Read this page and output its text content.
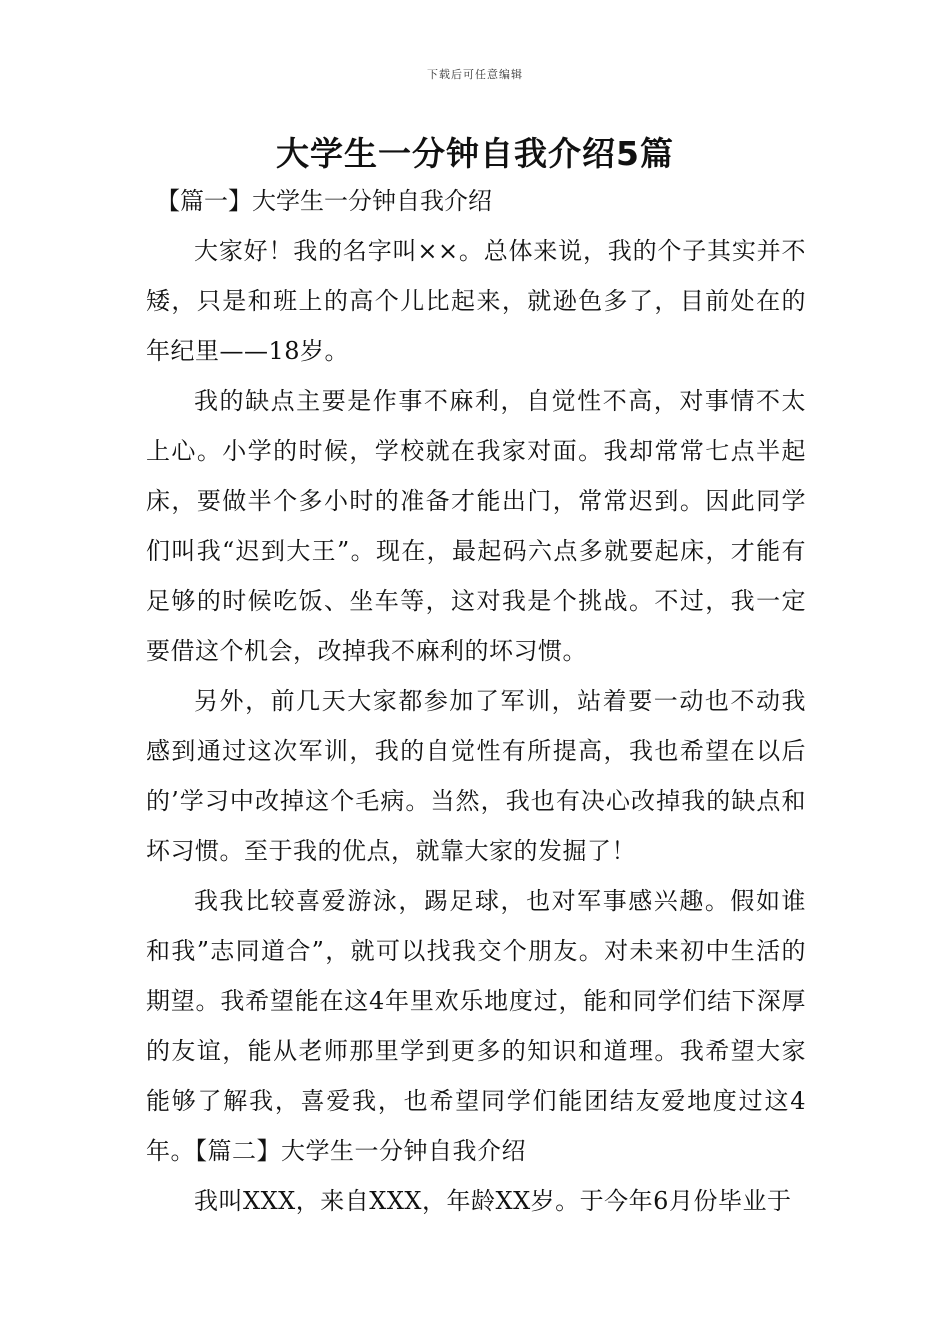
下载后可任意编辑
大学生一分钟自我介绍5篇
【篇一】大学生一分钟自我介绍

大家好！我的名字叫××。总体来说，我的个子其实并不矮，只是和班上的高个儿比起来，就逊色多了，目前处在的年纪里——18岁。

我的缺点主要是作事不麻利，自觉性不高，对事情不太上心。小学的时候，学校就在我家对面。我却常常七点半起床，要做半个多小时的准备才能出门，常常迟到。因此同学们叫我“迟到大王”。现在，最起码六点多就要起床，才能有足够的时候吃饭、坐车等，这对我是个挑战。不过，我一定要借这个机会，改掉我不麻利的坏习惯。

另外，前几天大家都参加了军训，站着要一动也不动我感到通过这次军训，我的自觉性有所提高，我也希望在以后的’学习中改掉这个毛病。当然，我也有决心改掉我的缺点和坏习惯。至于我的优点，就靠大家的发掘了！

我我比较喜爱游泳，踢足球，也对军事感兴趣。假如谁和我”志同道合”，就可以找我交个朋友。对未来初中生活的期望。我希望能在这4年里欢乐地度过，能和同学们结下深厚的友谊，能从老师那里学到更多的知识和道理。我希望大家能够了解我，喜爱我，也希望同学们能团结友爱地度过这4年。【篇二】大学生一分钟自我介绍

我叫XXX，来自XXX，年龄XX岁。于今年6月份毕业于
